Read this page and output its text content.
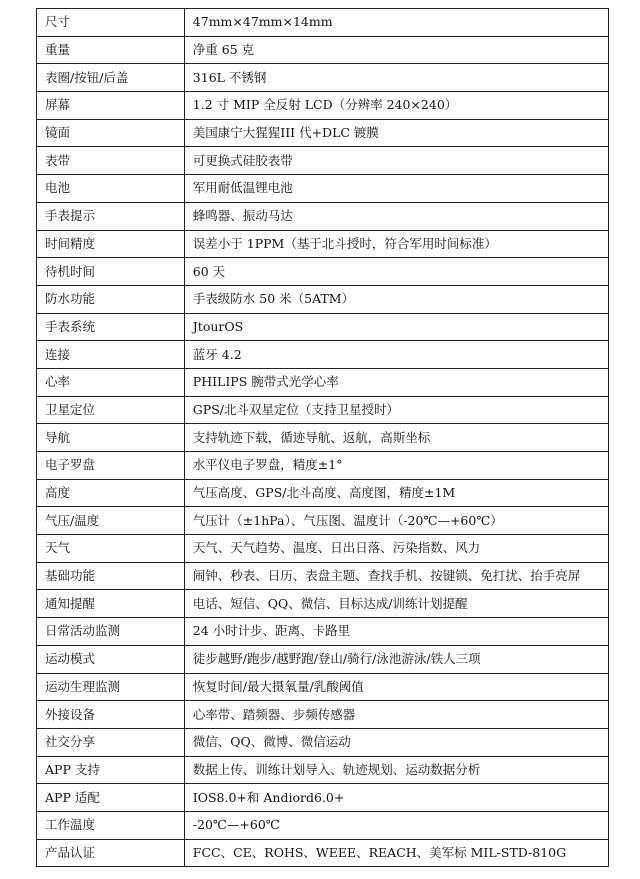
尺寸	47mm×47mm×14mm
重量	净重 65 克
表圈/按钮/后盖	316L 不锈钢
屏幕	1.2 寸 MIP 全反射 LCD（分辨率 240×240）
镜面	美国康宁大猩猩III 代+DLC 镀膜
表带	可更换式硅胶表带
电池	军用耐低温锂电池
手表提示	蜂鸣器、振动马达
时间精度	误差小于 1PPM（基于北斗授时，符合军用时间标准）
待机时间	60 天
防水功能	手表级防水 50 米（5ATM）
手表系统	JtourOS
连接	蓝牙 4.2
心率	PHILIPS 腕带式光学心率
卫星定位	GPS/北斗双星定位（支持卫星授时）
导航	支持轨迹下载，循迹导航、返航，高斯坐标
电子罗盘	水平仪电子罗盘，精度±1°
高度	气压高度、GPS/北斗高度、高度图，精度±1M
气压/温度	气压计（±1hPa）、气压图、温度计（-20℃—+60℃）
天气	天气、天气趋势、温度、日出日落、污染指数、风力
基础功能	闹钟、秒表、日历、表盘主题、查找手机、按键锁、免打扰、抬手亮屏
通知提醒	电话、短信、QQ、微信、目标达成/训练计划提醒
日常活动监测	24 小时计步、距离、卡路里
运动模式	徒步越野/跑步/越野跑/登山/骑行/泳池游泳/铁人三项
运动生理监测	恢复时间/最大摄氧量/乳酸阈值
外接设备	心率带、踏频器、步频传感器
社交分享	微信、QQ、微博、微信运动
APP 支持	数据上传、训练计划导入、轨迹规划、运动数据分析
APP 适配	IOS8.0+和 Andiord6.0+
工作温度	-20℃—+60℃
产品认证	FCC、CE、ROHS、WEEE、REACH、美军标 MIL-STD-810G
